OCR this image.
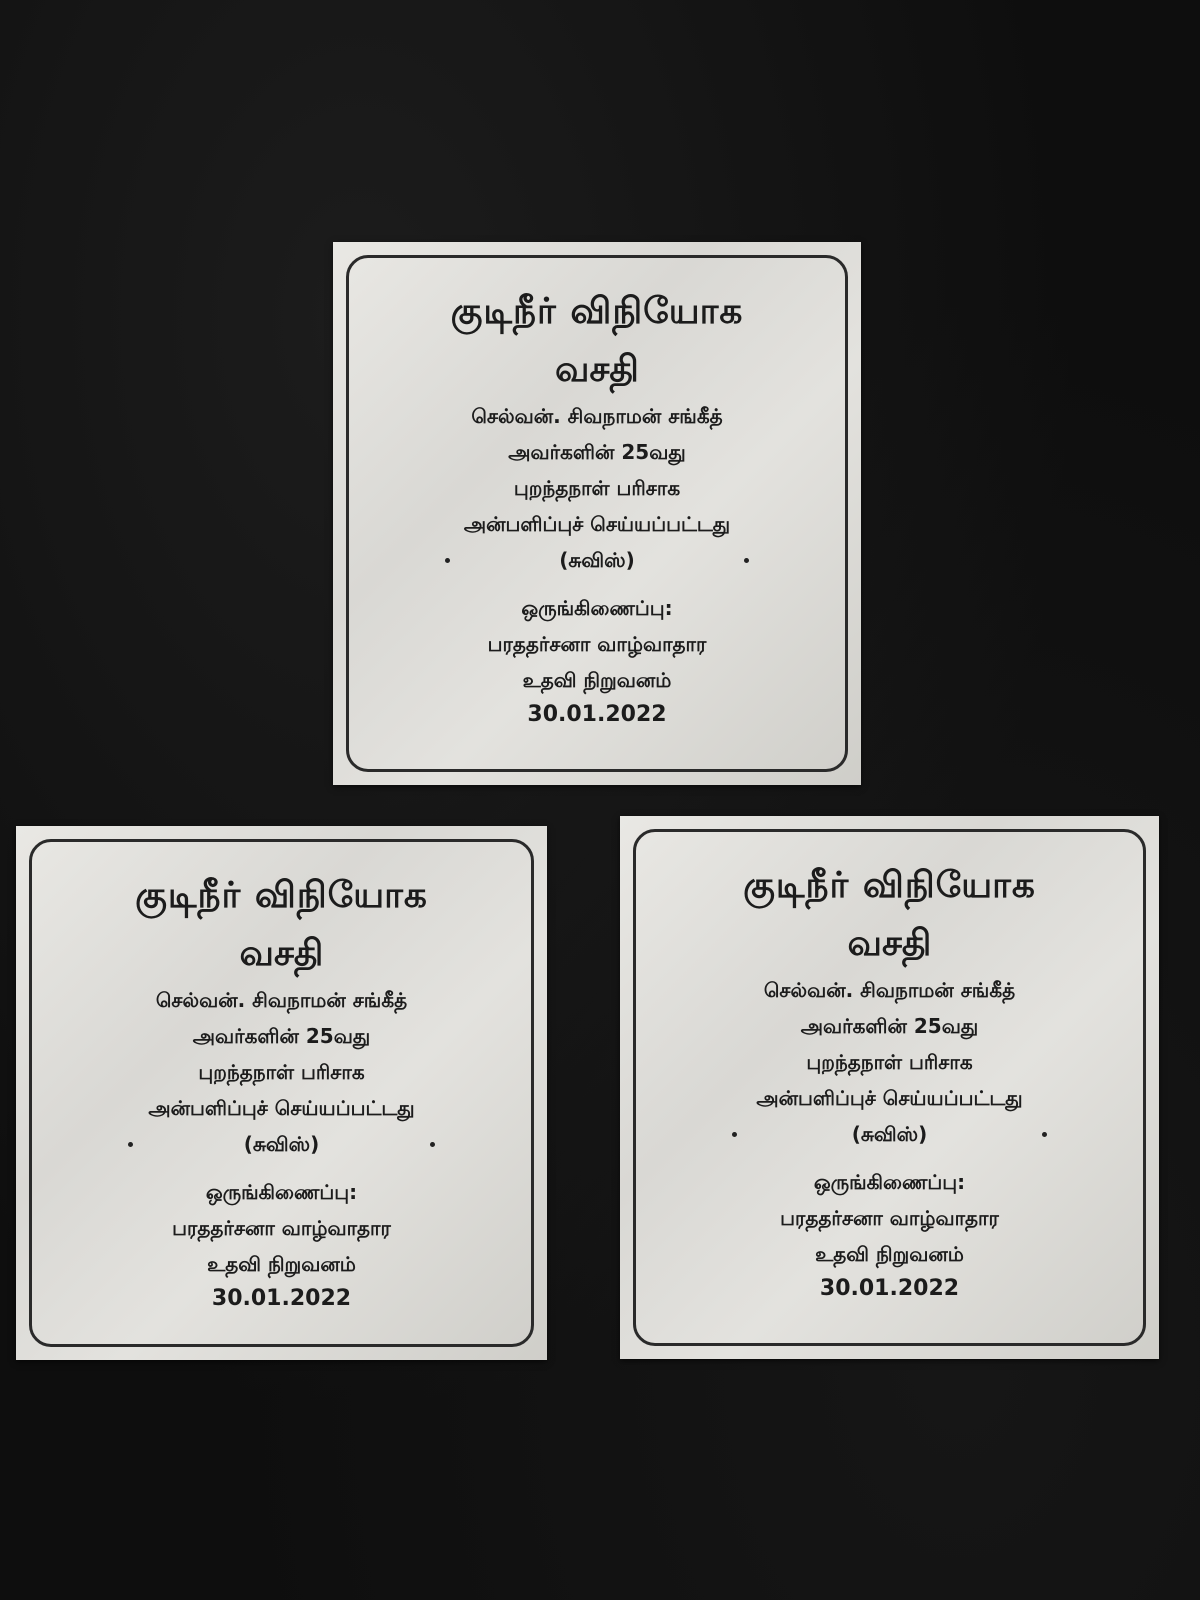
குடிநீர் விநியோக
வசதி
செல்வன். சிவநாமன் சங்கீத்
அவர்களின் 25வது
புறந்தநாள் பரிசாக
அன்பளிப்புச் செய்யப்பட்டது
(சுவிஸ்)
ஒருங்கிணைப்பு:
பரததர்சனா வாழ்வாதார
உதவி நிறுவனம்
30.01.2022
குடிநீர் விநியோக
வசதி
செல்வன். சிவநாமன் சங்கீத்
அவர்களின் 25வது
புறந்தநாள் பரிசாக
அன்பளிப்புச் செய்யப்பட்டது
(சுவிஸ்)
ஒருங்கிணைப்பு:
பரததர்சனா வாழ்வாதார
உதவி நிறுவனம்
30.01.2022
குடிநீர் விநியோக
வசதி
செல்வன். சிவநாமன் சங்கீத்
அவர்களின் 25வது
புறந்தநாள் பரிசாக
அன்பளிப்புச் செய்யப்பட்டது
(சுவிஸ்)
ஒருங்கிணைப்பு:
பரததர்சனா வாழ்வாதார
உதவி நிறுவனம்
30.01.2022
